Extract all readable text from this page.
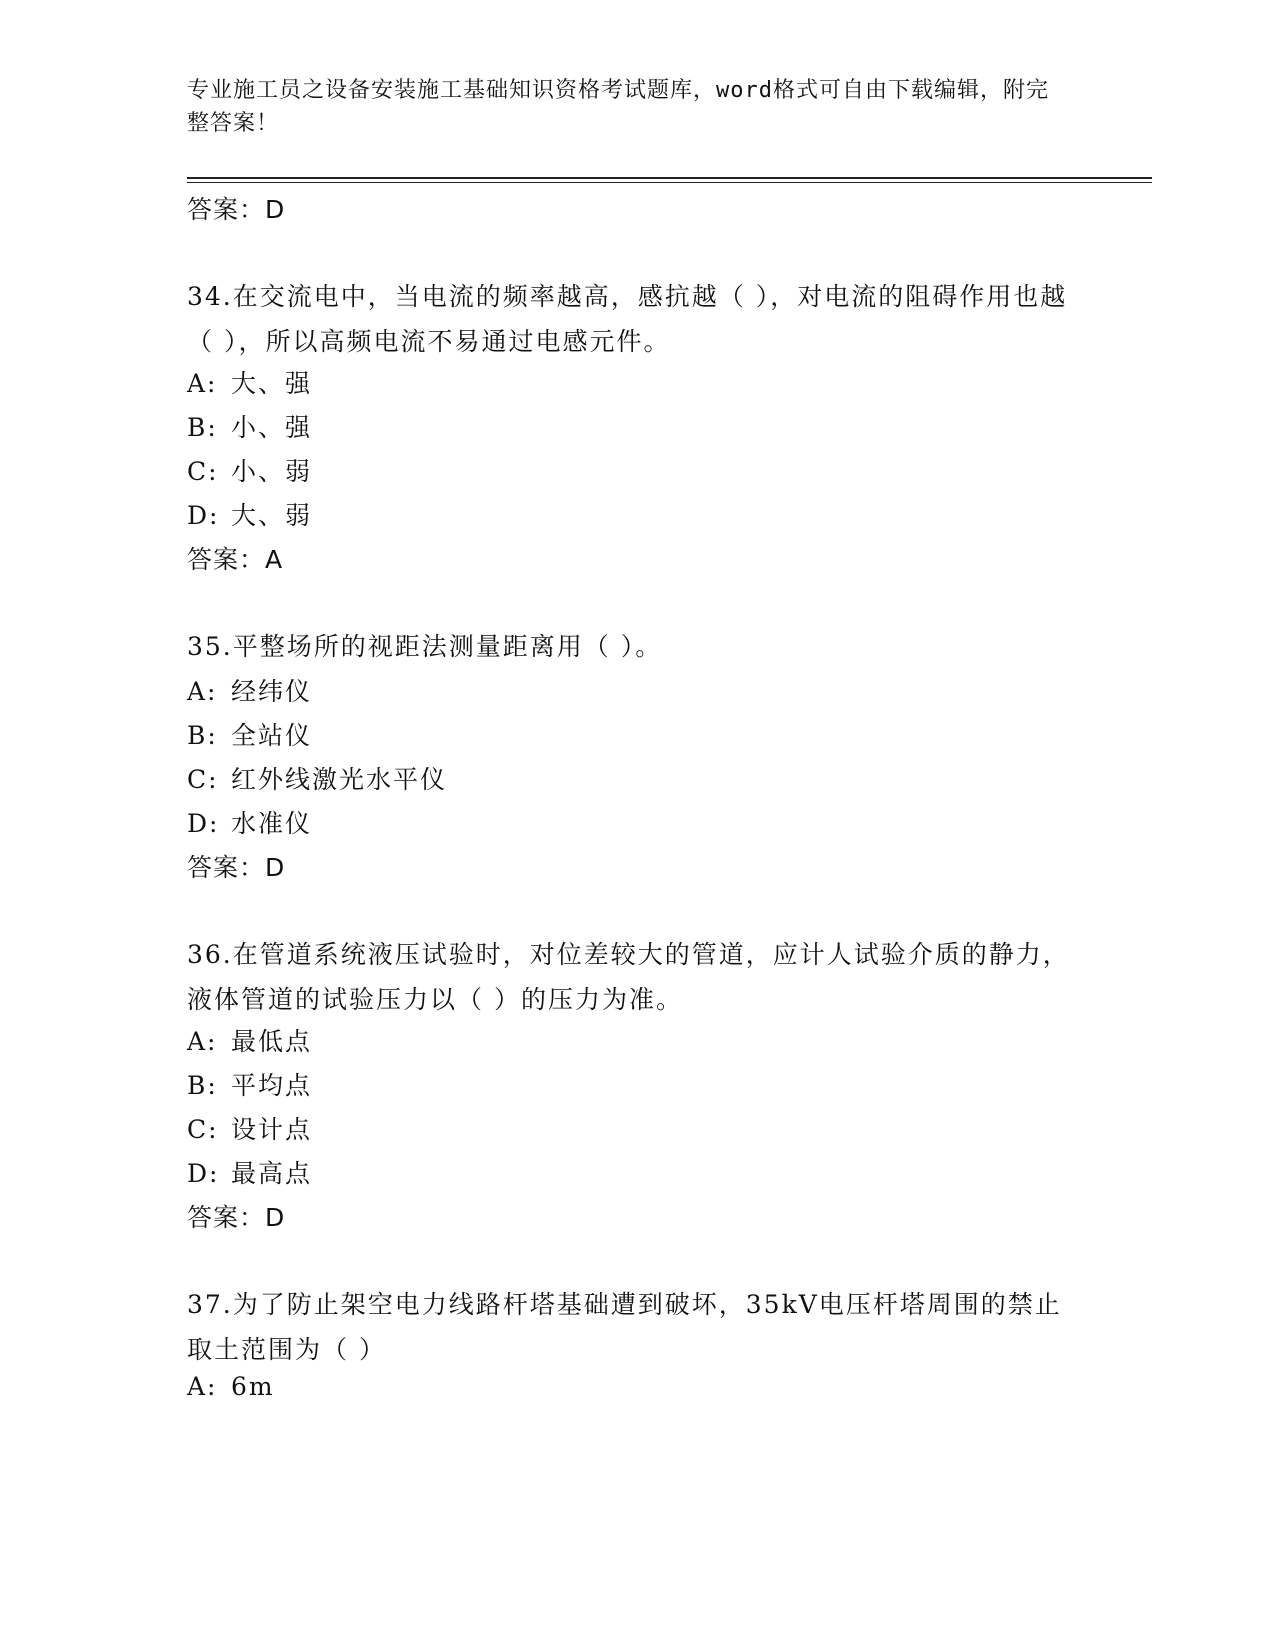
专业施工员之设备安装施工基础知识资格考试题库，word格式可自由下载编辑，附完整答案！
答案：D
34.在交流电中，当电流的频率越高，感抗越（ ），对电流的阻碍作用也越（ ），所以高频电流不易通过电感元件。
A: 大、强
B: 小、强
C: 小、弱
D: 大、弱
答案：A
35.平整场所的视距法测量距离用（ ）。
A: 经纬仪
B: 全站仪
C: 红外线激光水平仪
D: 水准仪
答案：D
36.在管道系统液压试验时，对位差较大的管道，应计人试验介质的静力，液体管道的试验压力以（ ）的压力为准。
A: 最低点
B: 平均点
C: 设计点
D: 最高点
答案：D
37.为了防止架空电力线路杆塔基础遭到破坏，35kV电压杆塔周围的禁止取土范围为（ ）
A: 6m
